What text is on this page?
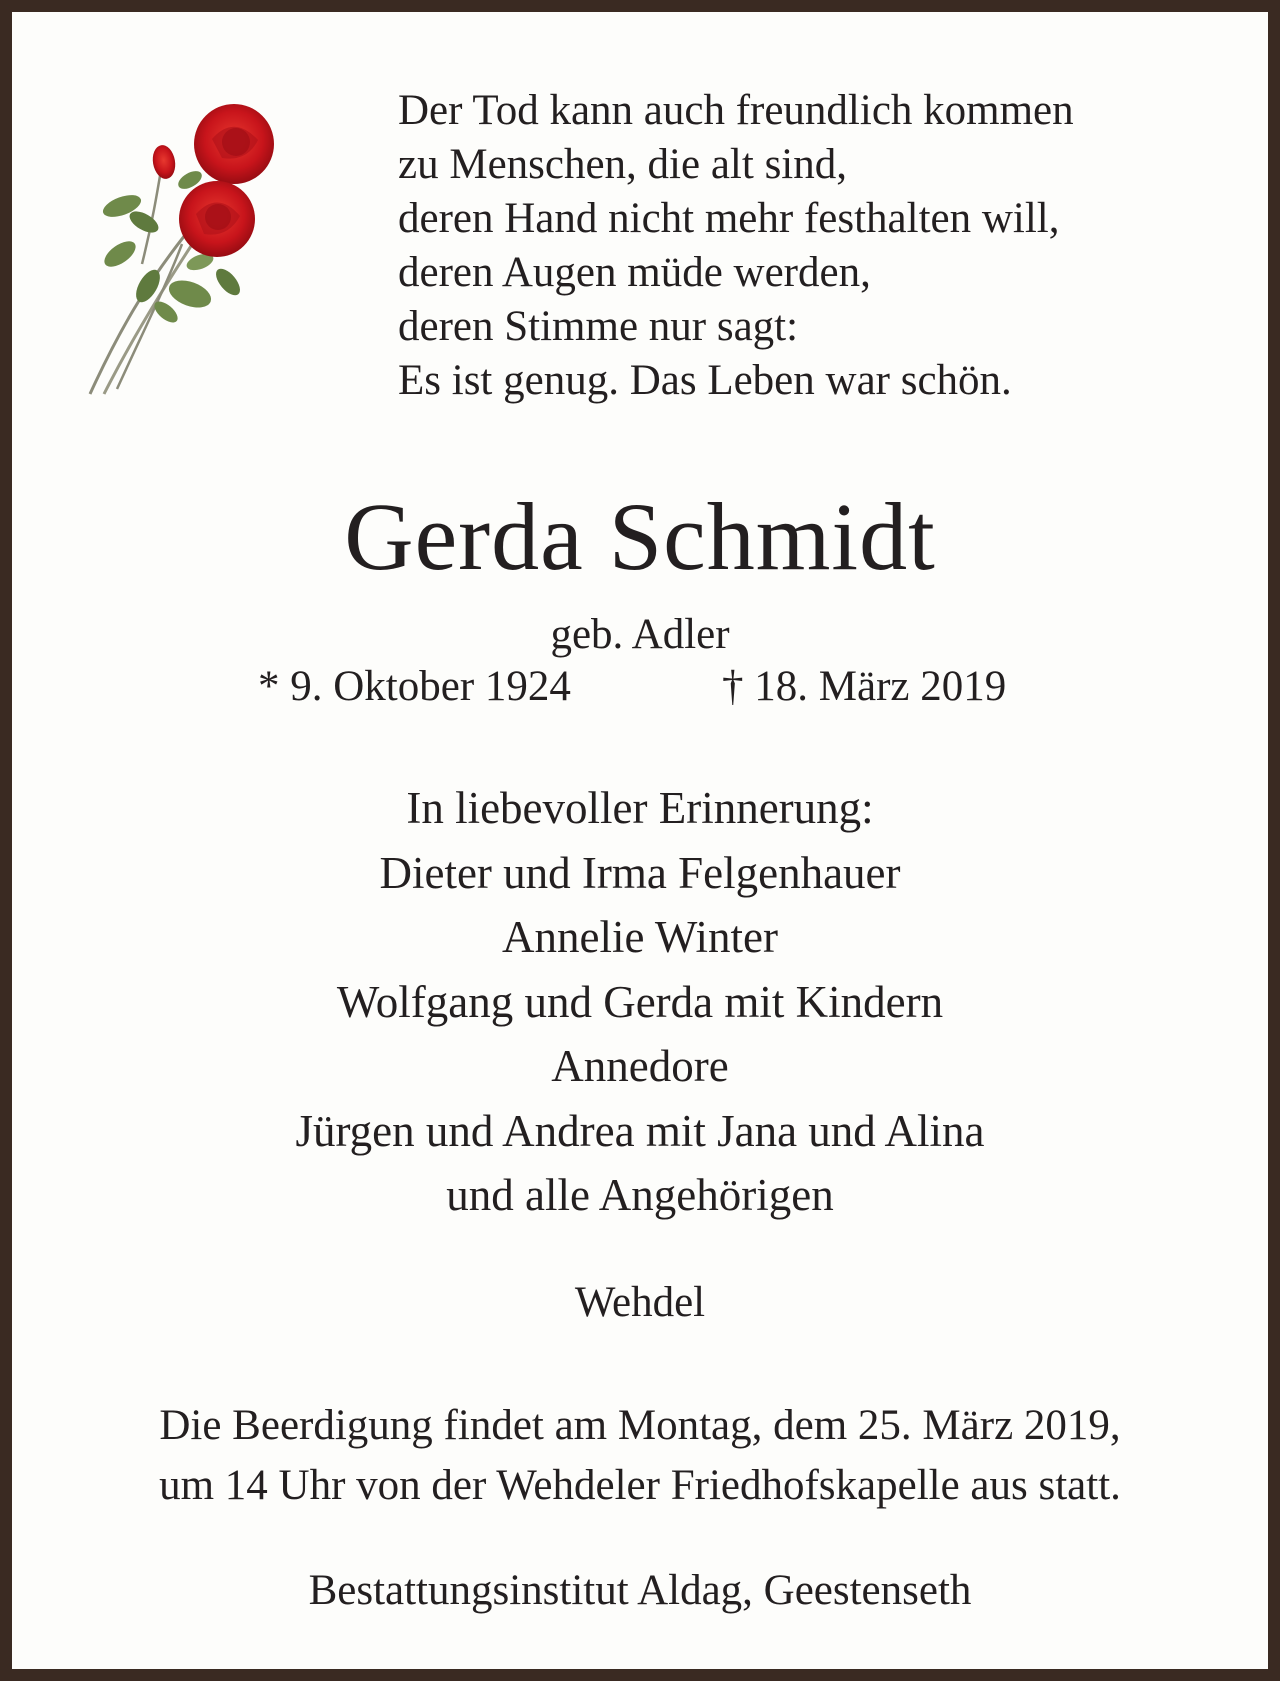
Der Tod kann auch freundlich kommen
zu Menschen, die alt sind,
deren Hand nicht mehr festhalten will,
deren Augen müde werden,
deren Stimme nur sagt:
Es ist genug. Das Leben war schön.
Gerda Schmidt
geb. Adler
* 9. Oktober 1924	† 18. März 2019
In liebevoller Erinnerung:
Dieter und Irma Felgenhauer
Annelie Winter
Wolfgang und Gerda mit Kindern
Annedore
Jürgen und Andrea mit Jana und Alina
und alle Angehörigen
Wehdel
Die Beerdigung findet am Montag, dem 25. März 2019,
um 14 Uhr von der Wehdeler Friedhofskapelle aus statt.
Bestattungsinstitut Aldag, Geestenseth
